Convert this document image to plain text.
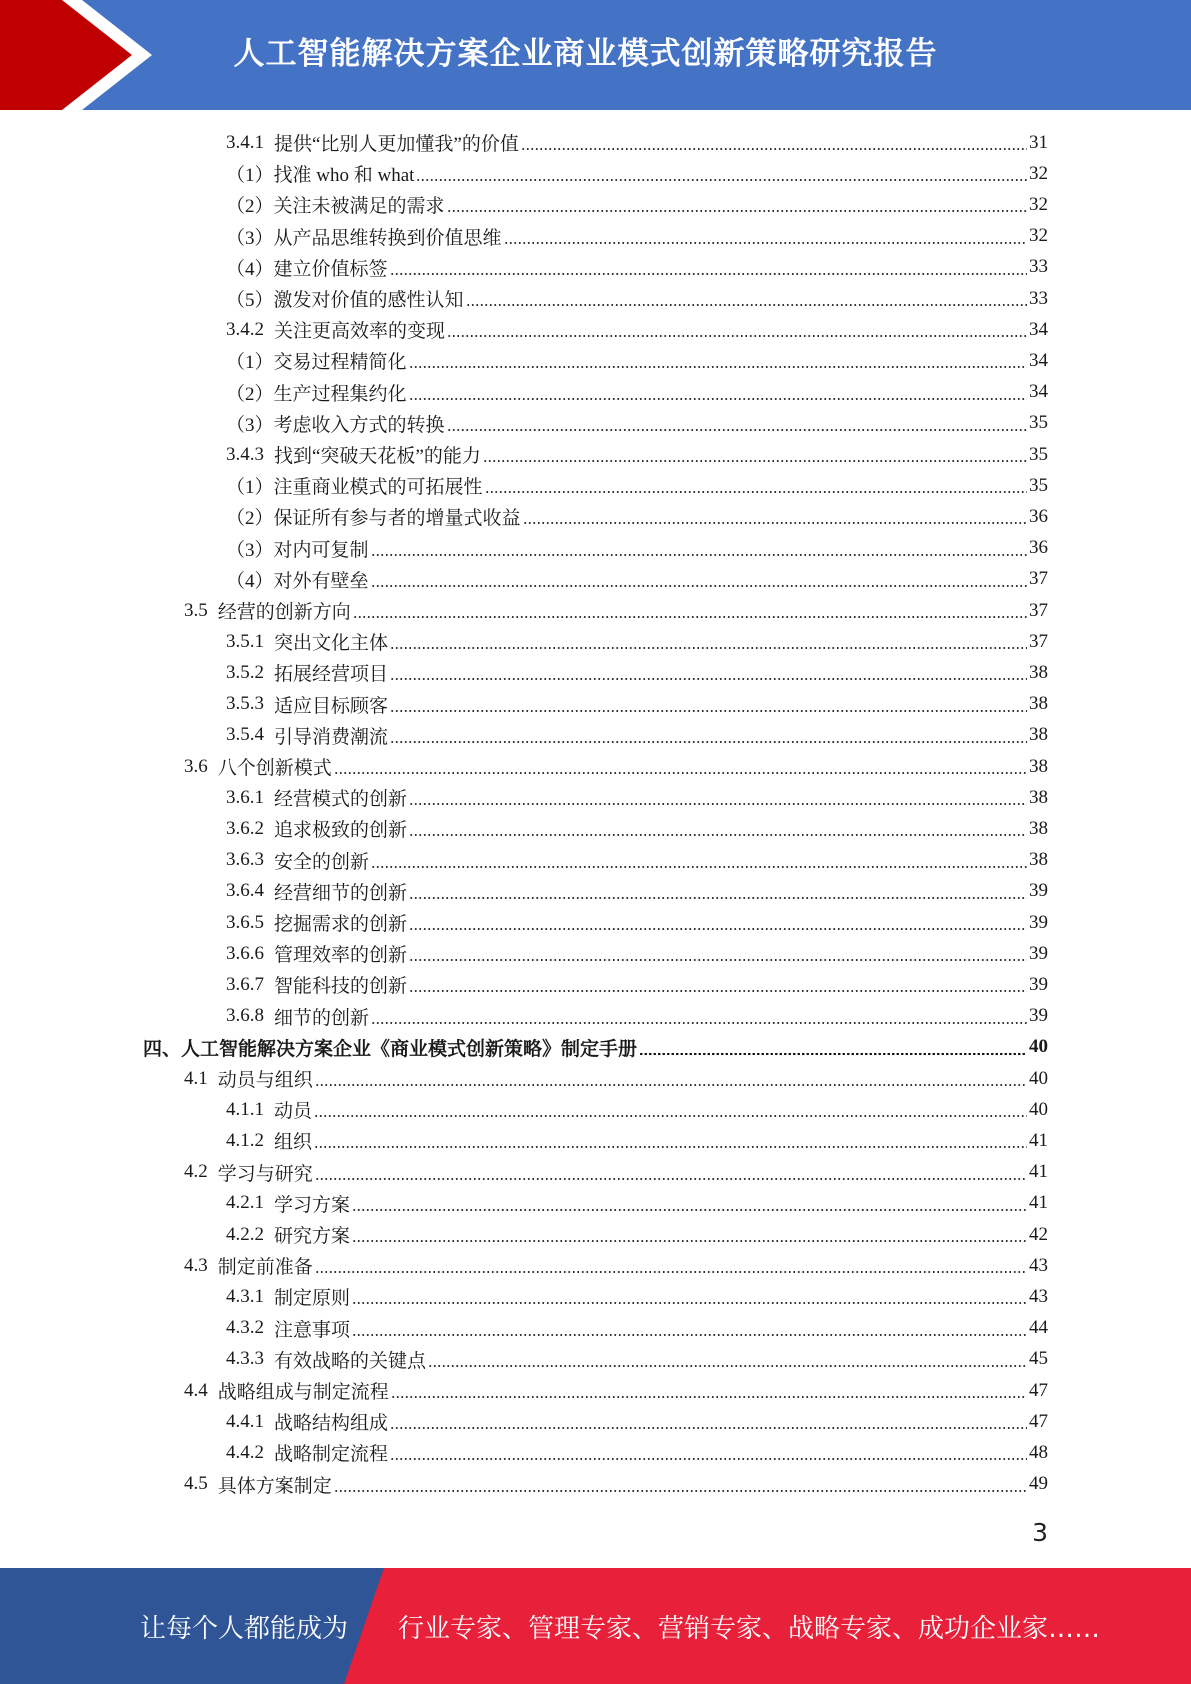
人工智能解决方案企业商业模式创新策略研究报告
3.4.1 提供“比别人更加懂我”的价值	31
（1） 找准 who 和 what	32
（2） 关注未被满足的需求	32
（3） 从产品思维转换到价值思维	32
（4） 建立价值标签	33
（5） 激发对价值的感性认知	33
3.4.2 关注更高效率的变现	34
（1） 交易过程精简化	34
（2） 生产过程集约化	34
（3） 考虑收入方式的转换	35
3.4.3 找到“突破天花板”的能力	35
（1） 注重商业模式的可拓展性	35
（2） 保证所有参与者的增量式收益	36
（3） 对内可复制	36
（4） 对外有壁垒	37
3.5 经营的创新方向	37
3.5.1 突出文化主体	37
3.5.2 拓展经营项目	38
3.5.3 适应目标顾客	38
3.5.4 引导消费潮流	38
3.6 八个创新模式	38
3.6.1 经营模式的创新	38
3.6.2 追求极致的创新	38
3.6.3 安全的创新	38
3.6.4 经营细节的创新	39
3.6.5 挖掘需求的创新	39
3.6.6 管理效率的创新	39
3.6.7 智能科技的创新	39
3.6.8 细节的创新	39
四、人工智能解决方案企业《商业模式创新策略》制定手册	40
4.1 动员与组织	40
4.1.1 动员	40
4.1.2 组织	41
4.2 学习与研究	41
4.2.1 学习方案	41
4.2.2 研究方案	42
4.3 制定前准备	43
4.3.1 制定原则	43
4.3.2 注意事项	44
4.3.3 有效战略的关键点	45
4.4 战略组成与制定流程	47
4.4.1 战略结构组成	47
4.4.2 战略制定流程	48
4.5 具体方案制定	49
3
让每个人都能成为 行业专家、管理专家、营销专家、战略专家、成功企业家……
